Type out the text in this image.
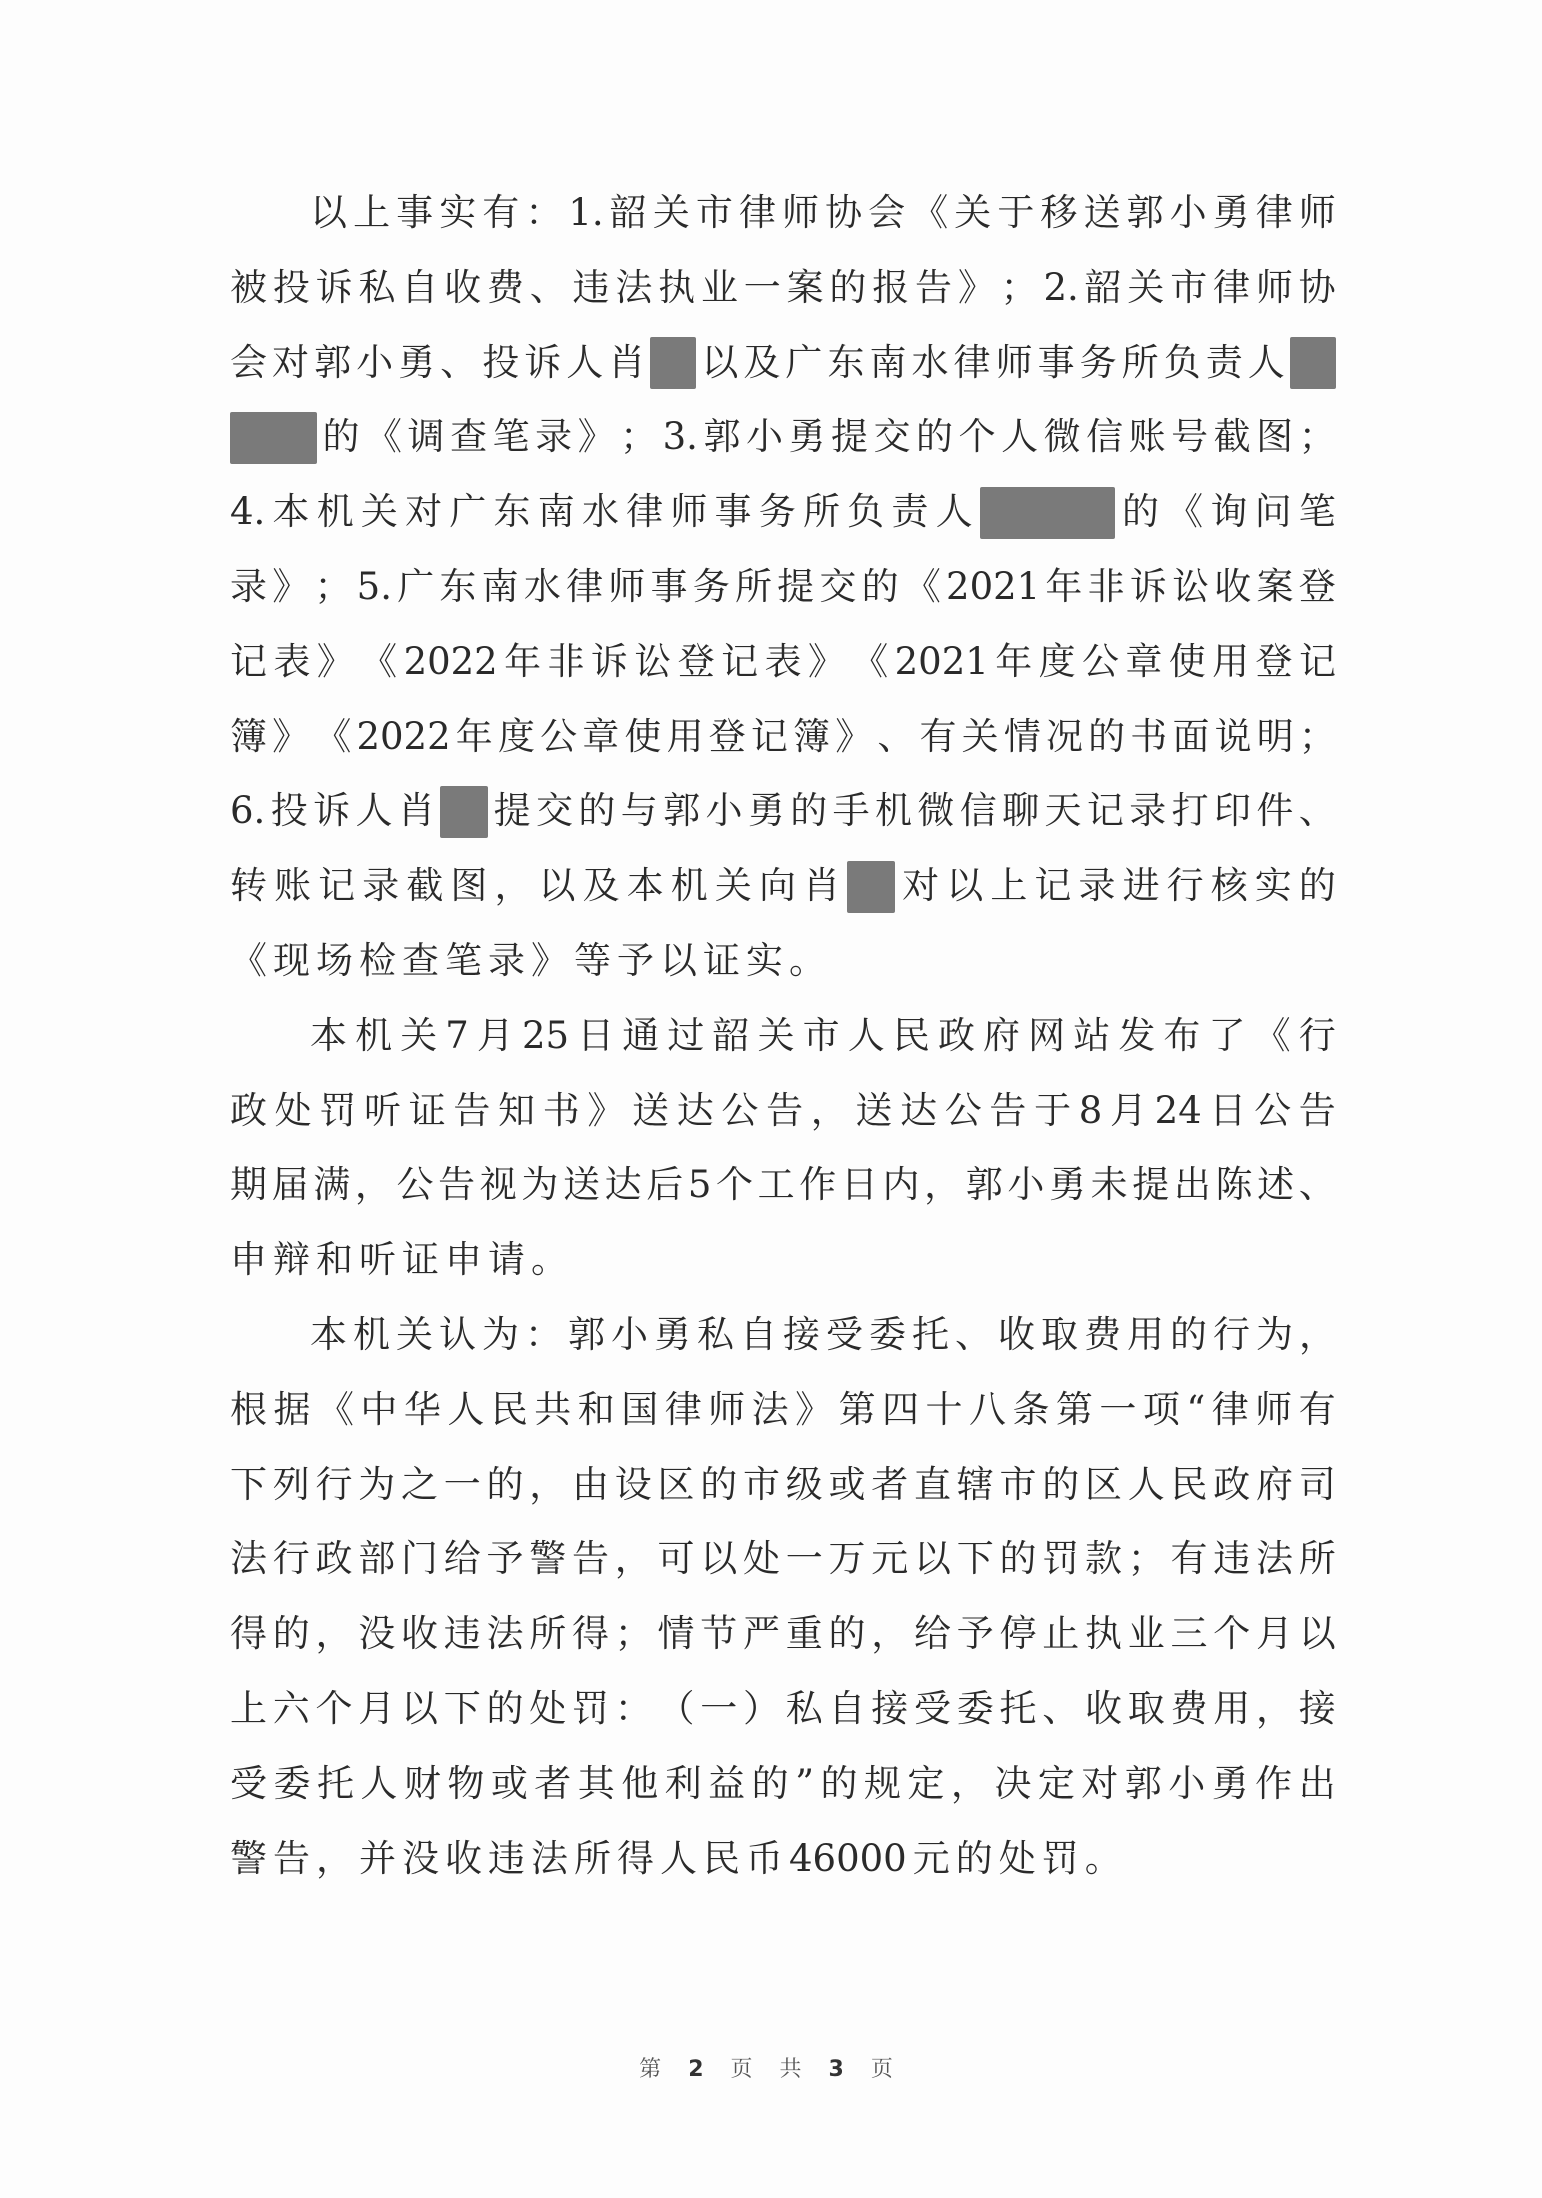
以 上 事 实 有 ： 1. 韶 关 市 律 师 协 会 《 关 于 移 送 郭 小 勇 律 师
被 投 诉 私 自 收 费 、 违 法 执 业 一 案 的 报 告 》 ； 2. 韶 关 市 律 师 协
会 对 郭 小 勇 、 投 诉 人 肖 以 及 广 东 南 水 律 师 事 务 所 负 责 人
的 《 调 查 笔 录 》 ； 3. 郭 小 勇 提 交 的 个 人 微 信 账 号 截 图 ；
4. 本 机 关 对 广 东 南 水 律 师 事 务 所 负 责 人	的 《 询 问 笔
录 》 ； 5. 广 东 南 水 律 师 事 务 所 提 交 的 《 2021 年 非 诉 讼 收 案 登
记 表 》 《 2022 年 非 诉 讼 登 记 表 》 《 2021 年 度 公 章 使 用 登 记
簿 》 《 2022 年 度 公 章 使 用 登 记 簿 》 、 有 关 情 况 的 书 面 说 明 ；
6. 投 诉 人 肖 提 交 的 与 郭 小 勇 的 手 机 微 信 聊 天 记 录 打 印 件 、
转 账 记 录 截 图 ， 以 及 本 机 关 向 肖 对 以 上 记 录 进 行 核 实 的
《 现 场 检 查 笔 录 》 等 予 以 证 实 。
本 机 关 7 月 25 日 通 过 韶 关 市 人 民 政 府 网 站 发 布 了 《 行
政 处 罚 听 证 告 知 书 》 送 达 公 告 ， 送 达 公 告 于 8 月 24 日 公 告
期 届 满 ， 公 告 视 为 送 达 后 5 个 工 作 日 内 ， 郭 小 勇 未 提 出 陈 述 、
申 辩 和 听 证 申 请 。
本 机 关 认 为 ： 郭 小 勇 私 自 接 受 委 托 、 收 取 费 用 的 行 为 ，
根 据 《 中 华 人 民 共 和 国 律 师 法 》 第 四 十 八 条 第 一 项 “ 律 师 有
下 列 行 为 之 一 的 ， 由 设 区 的 市 级 或 者 直 辖 市 的 区 人 民 政 府 司
法 行 政 部 门 给 予 警 告 ， 可 以 处 一 万 元 以 下 的 罚 款 ； 有 违 法 所
得 的 ， 没 收 违 法 所 得 ； 情 节 严 重 的 ， 给 予 停 止 执 业 三 个 月 以
上 六 个 月 以 下 的 处 罚 ： （ 一 ） 私 自 接 受 委 托 、 收 取 费 用 ， 接
受 委 托 人 财 物 或 者 其 他 利 益 的 ” 的 规 定 ， 决 定 对 郭 小 勇 作 出
警 告 ， 并 没 收 违 法 所 得 人 民 币 46000 元 的 处 罚 。
第 2 页 共 3 页
